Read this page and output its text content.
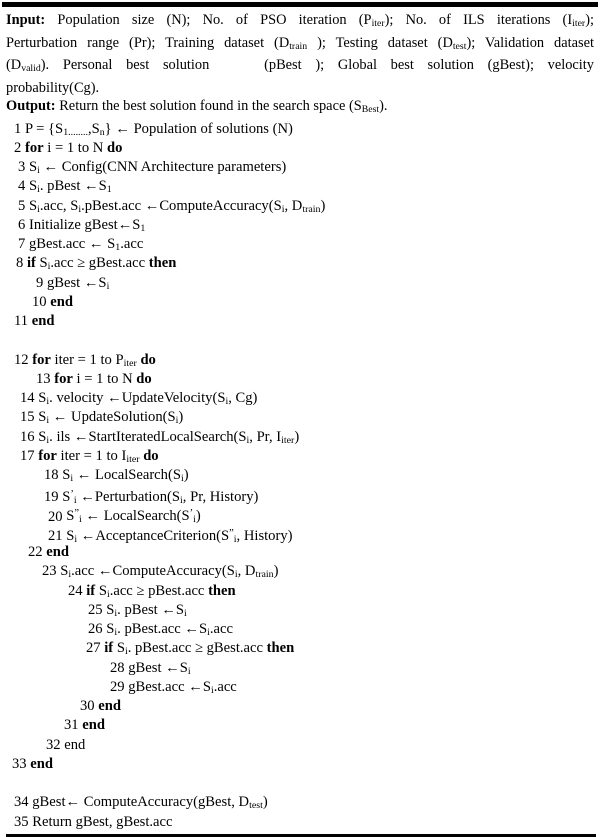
Input: Population size (N); No. of PSO iteration $(P_{iter})$; No. of ILS iterations $(I_{iter})$;
Perturbation range (Pr); Training dataset ($D_{train}$ ); Testing dataset $(D_{test})$; Validation dataset
$(D_{valid})$. Personal best solution	(pBest ); Global best solution (gBest); velocity
probability(Cg).
Output: Return the best solution found in the search space $(S_{Best})$.
1 $P = \{S_{1........},S_n\}$ ← Population of solutions (N)
2 for i = 1 to N do
3 $S_i$ ← Config(CNN Architecture parameters)
4 $S_i$. pBest $\leftarrow S_1$
5 $S_i.acc$, $S_i.pBest.acc$ $\leftarrow ComputeAccuracy(S_i$, $D_{train}$)
6 Initialize $gBest\leftarrow S_1$
7 gBest.acc ← $S_1.acc$
8 if $S_i.acc$ ≥ gBest.acc then
9 gBest $\leftarrow S_i$
10 end
11 end
12 for iter = 1 to $P_{iter}$ do
13 for i = 1 to N do
14 $S_i$. velocity $\leftarrow UpdateVelocity(S_i$, Cg)
15 $S_i$ ← $UpdateSolution(S_i)$
16 $S_i$. ils $\leftarrow StartIteratedLocalSearch(S_i$, Pr, $I_{iter}$)
17 for iter = 1 to $I_{iter}$ do
18 $S_i$ ← $LocalSearch(S_i)$
19 $S^’_i$ $\leftarrow Perturbation(S_i$, Pr, History)
20 $S^”_i$ ← $LocalSearch(S^’_i)$
21 $S_i$ $\leftarrow AcceptanceCriterion(S^”_i$, History)
22 end
23 $S_i.acc$ $\leftarrow ComputeAccuracy(S_i$, $D_{train}$)
24 if $S_i.acc$ ≥ pBest.acc then
25 $S_i$. pBest $\leftarrow S_i$
26 $S_i$. pBest.acc $\leftarrow S_i.acc$
27 if $S_i$. pBest.acc ≥ gBest.acc then
28 gBest $\leftarrow S_i$
29 gBest.acc $\leftarrow S_i.acc$
30 end
31 end
32 end
33 end
34 gBest← ComputeAccuracy(gBest, $D_{test}$)
35 Return gBest, gBest.acc
